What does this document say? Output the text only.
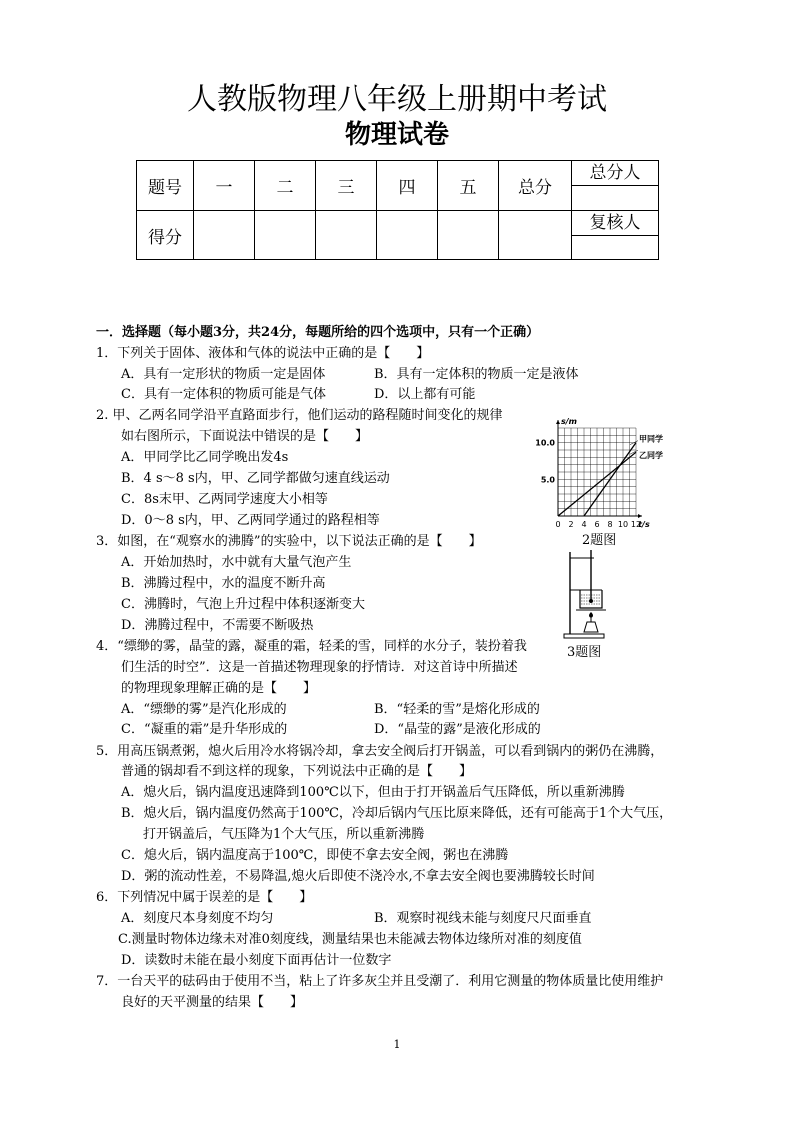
人教版物理八年级上册期中考试
物理试卷
题号	一	二	三	四	五	总分	总分人

得分							复核人
一．选择题（每小题3分，共24分，每题所给的四个选项中，只有一个正确）
1．下列关于固体、液体和气体的说法中正确的是【　　】
A．具有一定形状的物质一定是固体	B．具有一定体积的物质一定是液体
C．具有一定体积的物质可能是气体	D．以上都有可能
2. 甲、乙两名同学沿平直路面步行，他们运动的路程随时间变化的规律
如右图所示，下面说法中错误的是【　　】
A．甲同学比乙同学晚出发4s
B．4 s～8 s内，甲、乙同学都做匀速直线运动
C．8s末甲、乙两同学速度大小相等
D．0～8 s内，甲、乙两同学通过的路程相等	0 2 4 6 8 10 12
5.0
10.0
t/s
s/m
甲同学
乙同学
2题图
3．如图，在“观察水的沸腾”的实验中，以下说法正确的是【　　】
A．开始加热时，水中就有大量气泡产生
B．沸腾过程中，水的温度不断升高
C．沸腾时，气泡上升过程中体积逐渐变大
D．沸腾过程中，不需要不断吸热
3题图
4．“缥缈的雾，晶莹的露，凝重的霜，轻柔的雪，同样的水分子，装扮着我
们生活的时空”．这是一首描述物理现象的抒情诗．对这首诗中所描述
的物理现象理解正确的是【　　】
A．“缥缈的雾”是汽化形成的	B．“轻柔的雪”是熔化形成的
C．“凝重的霜”是升华形成的	D．“晶莹的露”是液化形成的
5．用高压锅煮粥，熄火后用冷水将锅冷却，拿去安全阀后打开锅盖，可以看到锅内的粥仍在沸腾，
普通的锅却看不到这样的现象，下列说法中正确的是【　　】
A．熄火后，锅内温度迅速降到100℃以下，但由于打开锅盖后气压降低，所以重新沸腾
B．熄火后，锅内温度仍然高于100℃，冷却后锅内气压比原来降低，还有可能高于1个大气压，
打开锅盖后，气压降为1个大气压，所以重新沸腾
C．熄火后，锅内温度高于100℃，即使不拿去安全阀，粥也在沸腾
D．粥的流动性差，不易降温,熄火后即使不浇冷水,不拿去安全阀也要沸腾较长时间
6．下列情况中属于误差的是【　　】
A．刻度尺本身刻度不均匀	B．观察时视线未能与刻度尺尺面垂直
C.测量时物体边缘未对准0刻度线，测量结果也未能减去物体边缘所对准的刻度值
D．读数时未能在最小刻度下面再估计一位数字
7．一台天平的砝码由于使用不当，粘上了许多灰尘并且受潮了．利用它测量的物体质量比使用维护
良好的天平测量的结果【　　】
1
